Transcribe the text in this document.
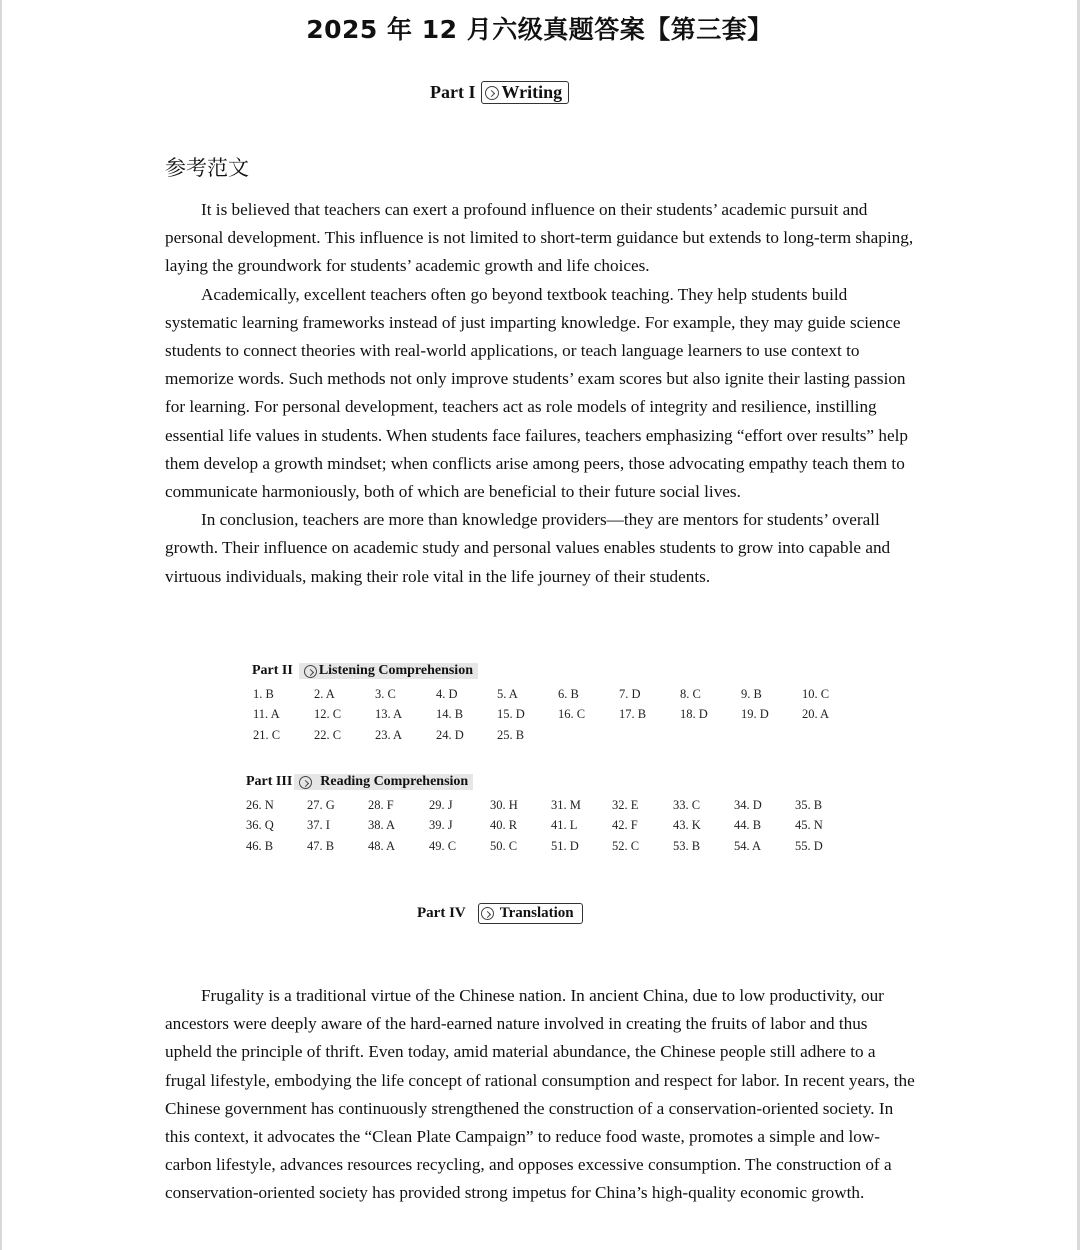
2025 年 12 月六级真题答案【第三套】
Part I Writing
参考范文

It is believed that teachers can exert a profound influence on their students’ academic pursuit and personal development. This influence is not limited to short-term guidance but extends to long-term shaping, laying the groundwork for students’ academic growth and life choices.

Academically, excellent teachers often go beyond textbook teaching. They help students build systematic learning frameworks instead of just imparting knowledge. For example, they may guide science students to connect theories with real-world applications, or teach language learners to use context to memorize words. Such methods not only improve students’ exam scores but also ignite their lasting passion for learning. For personal development, teachers act as role models of integrity and resilience, instilling essential life values in students. When students face failures, teachers emphasizing “effort over results” help them develop a growth mindset; when conflicts arise among peers, those advocating empathy teach them to communicate harmoniously, both of which are beneficial to their future social lives.

In conclusion, teachers are more than knowledge providers—they are mentors for students’ overall growth. Their influence on academic study and personal values enables students to grow into capable and virtuous individuals, making their role vital in the life journey of their students.

Part II Listening Comprehension
1. B	2. A	3. C	4. D	5. A	6. B	7. D	8. C	9. B	10. C
11. A	12. C	13. A	14. B	15. D	16. C	17. B	18. D	19. D	20. A
21. C	22. C	23. A	24. D	25. B
Part III Reading Comprehension
26. N	27. G	28. F	29. J	30. H	31. M	32. E	33. C	34. D	35. B
36. Q	37. I	38. A	39. J	40. R	41. L	42. F	43. K	44. B	45. N
46. B	47. B	48. A	49. C	50. C	51. D	52. C	53. B	54. A	55. D
Part IV Translation

Frugality is a traditional virtue of the Chinese nation. In ancient China, due to low productivity, our ancestors were deeply aware of the hard-earned nature involved in creating the fruits of labor and thus upheld the principle of thrift. Even today, amid material abundance, the Chinese people still adhere to a frugal lifestyle, embodying the life concept of rational consumption and respect for labor. In recent years, the Chinese government has continuously strengthened the construction of a conservation-oriented society. In this context, it advocates the “Clean Plate Campaign” to reduce food waste, promotes a simple and low-carbon lifestyle, advances resources recycling, and opposes excessive consumption. The construction of a conservation-oriented society has provided strong impetus for China’s high-quality economic growth.
